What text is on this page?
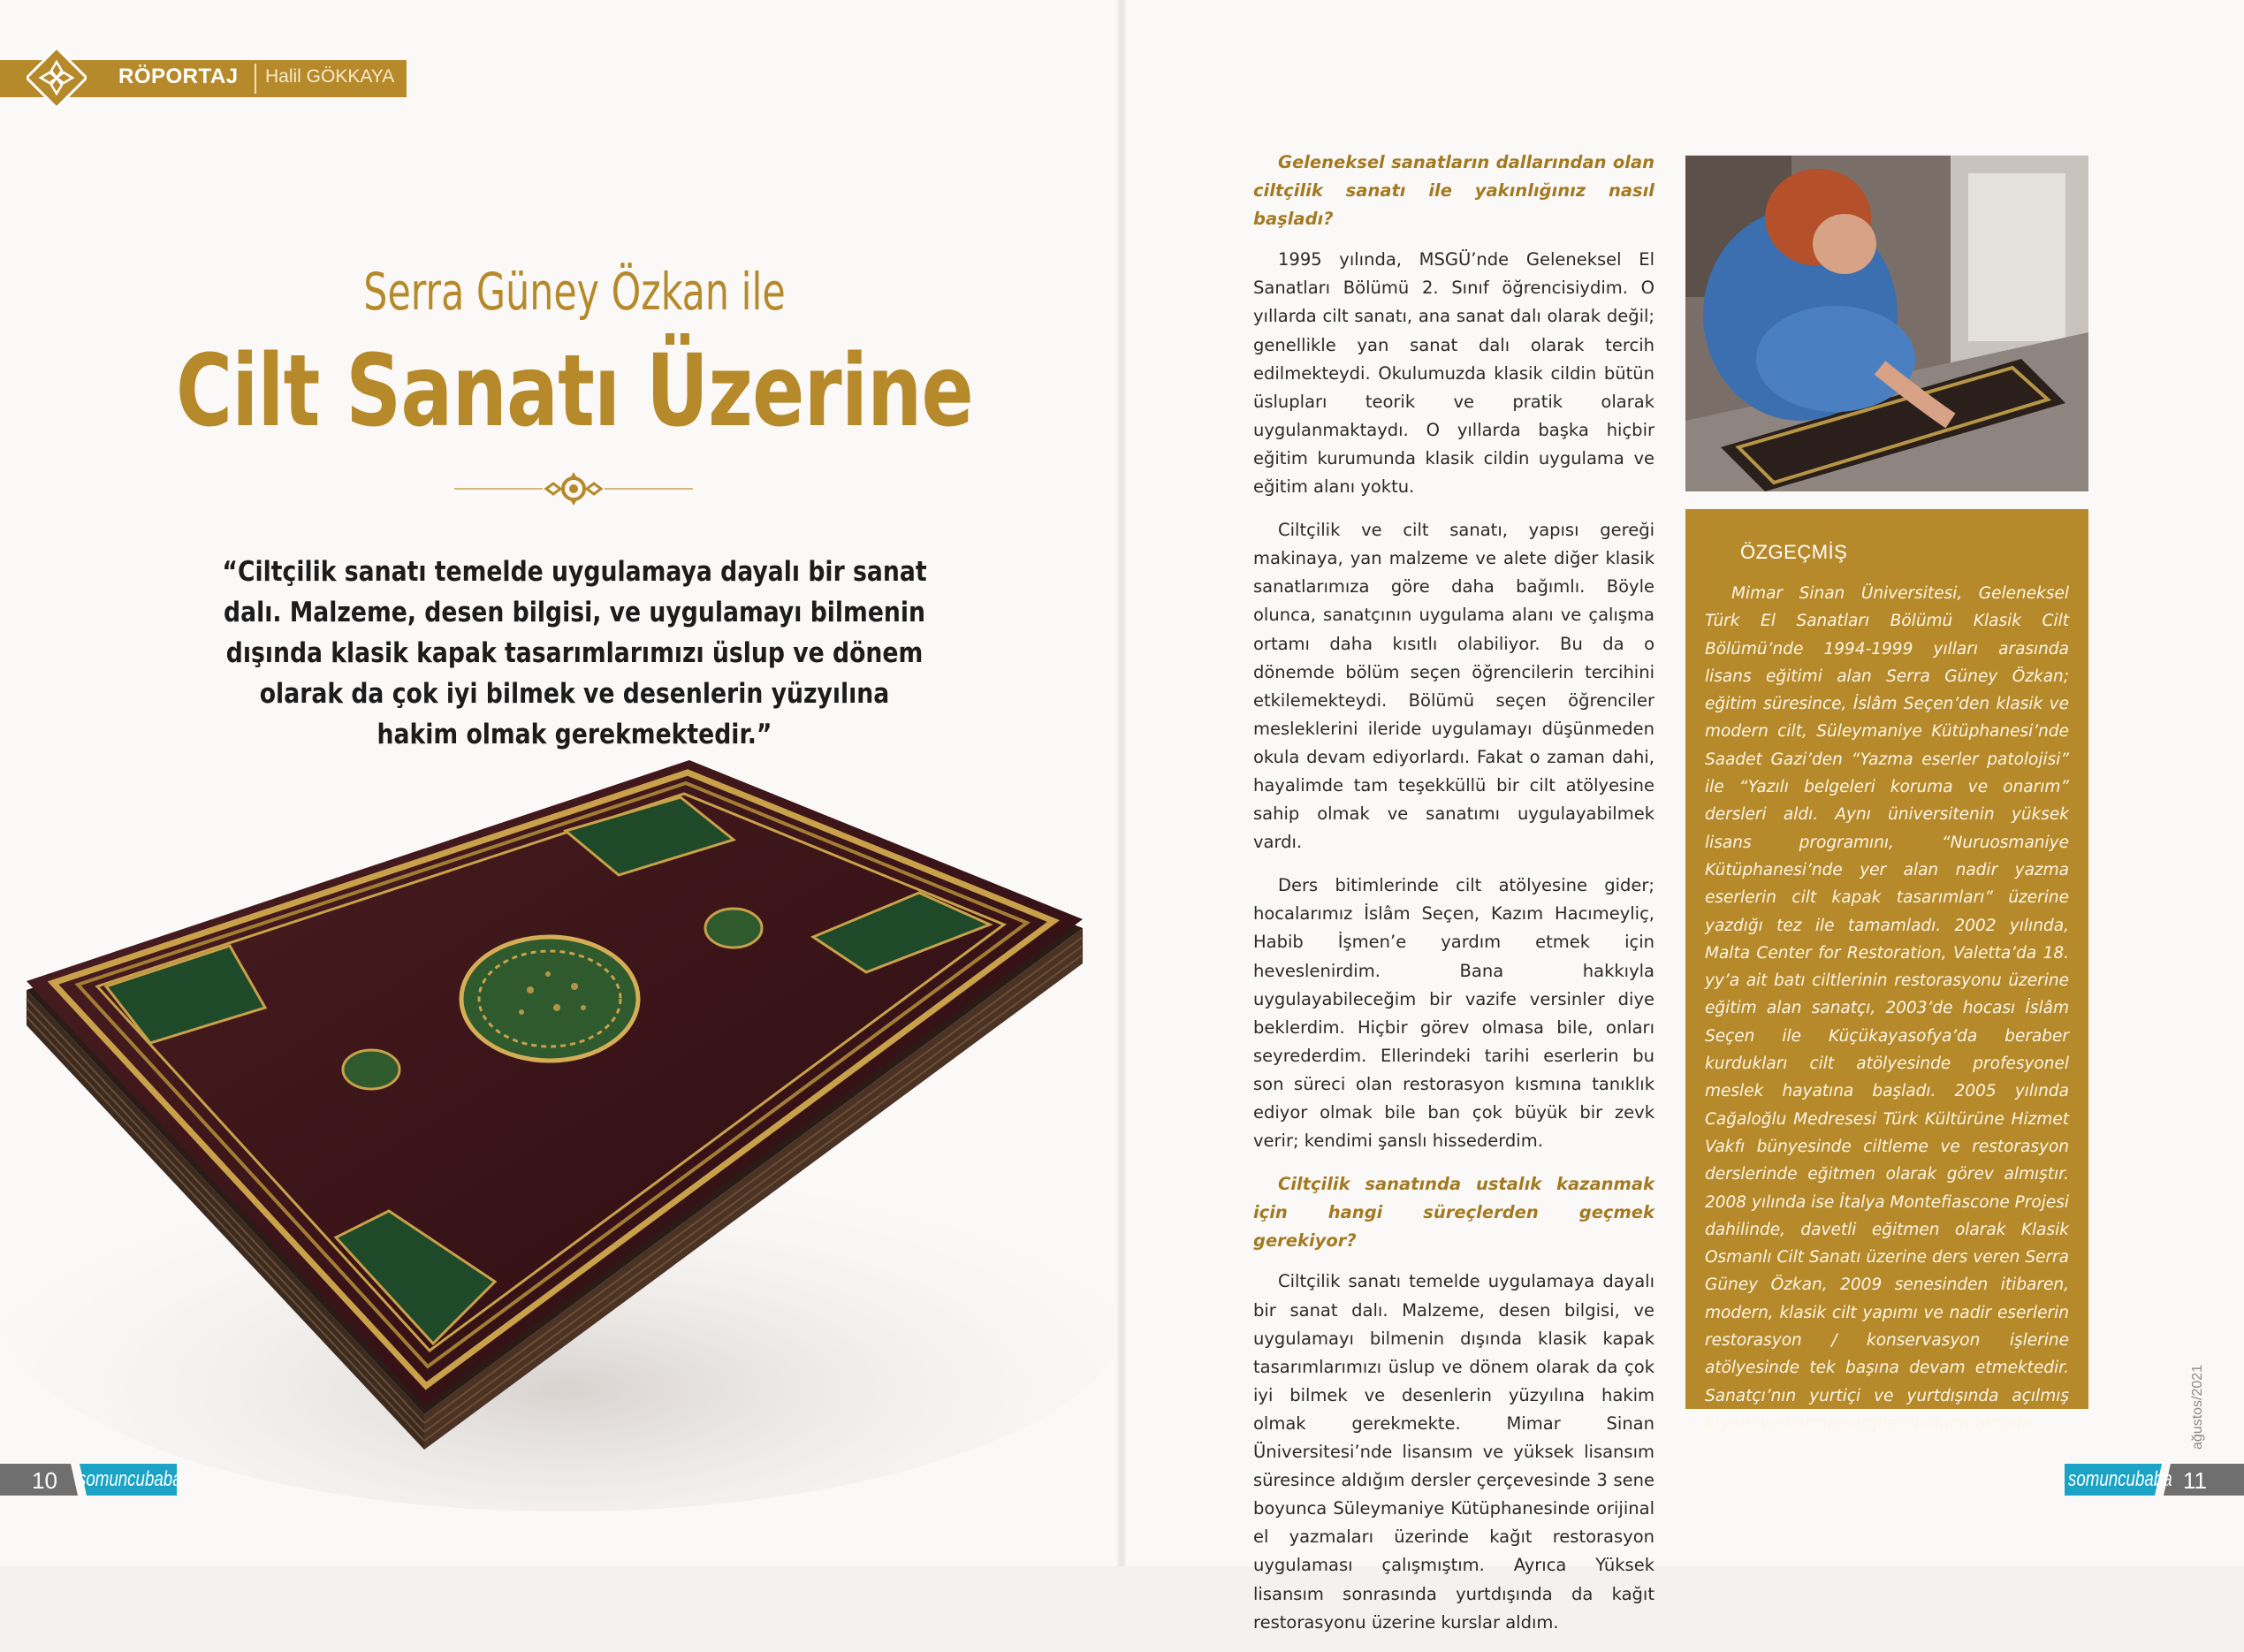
RÖPORTAJ Halil GÖKKAYA
Serra Güney Özkan ile
Cilt Sanatı Üzerine
“Ciltçilik sanatı temelde uygulamaya dayalı bir sanat dalı. Malzeme, desen bilgisi, ve uygulamayı bilmenin dışında klasik kapak tasarımlarımızı üslup ve dönem olarak da çok iyi bilmek ve desenlerin yüzyılına hakim olmak gerekmektedir.”
10 somuncubaba

Geleneksel sanatların dallarından olan ciltçilik sanatı ile yakınlığınız nasıl başladı?

1995 yılında, MSGÜ’nde Geleneksel El Sanatları Bölümü 2. Sınıf öğrencisiydim. O yıllarda cilt sanatı, ana sanat dalı olarak değil; genellikle yan sanat dalı olarak tercih edilmekteydi. Okulumuzda klasik cildin bütün üslupları teorik ve pratik olarak uygulanmaktaydı. O yıllarda başka hiçbir eğitim kurumunda klasik cildin uygulama ve eğitim alanı yoktu.

Ciltçilik ve cilt sanatı, yapısı gereği makinaya, yan malzeme ve alete diğer klasik sanatlarımıza göre daha bağımlı. Böyle olunca, sanatçının uygulama alanı ve çalışma ortamı daha kısıtlı olabiliyor. Bu da o dönemde bölüm seçen öğrencilerin tercihini etkilemekteydi. Bölümü seçen öğrenciler mesleklerini ileride uygulamayı düşünmeden okula devam ediyorlardı. Fakat o zaman dahi, hayalimde tam teşekküllü bir cilt atölyesine sahip olmak ve sanatımı uygulayabilmek vardı.

Ders bitimlerinde cilt atölyesine gider; hocalarımız İslâm Seçen, Kazım Hacımeyliç, Habib İşmen’e yardım etmek için heveslenirdim. Bana hakkıyla uygulayabileceğim bir vazife versinler diye beklerdim. Hiçbir görev olmasa bile, onları seyrederdim. Ellerindeki tarihi eserlerin bu son süreci olan restorasyon kısmına tanıklık ediyor olmak bile ban çok büyük bir zevk verir; kendimi şanslı hissederdim.

Ciltçilik sanatında ustalık kazanmak için hangi süreçlerden geçmek gerekiyor?

Ciltçilik sanatı temelde uygulamaya dayalı bir sanat dalı. Malzeme, desen bilgisi, ve uygulamayı bilmenin dışında klasik kapak tasarımlarımızı üslup ve dönem olarak da çok iyi bilmek ve desenlerin yüzyılına hakim olmak gerekmekte. Mimar Sinan Üniversitesi’nde lisansım ve yüksek lisansım süresince aldığım dersler çerçevesinde 3 sene boyunca Süleymaniye Kütüphanesinde orijinal el yazmaları üzerinde kağıt restorasyon uygulaması çalışmıştım. Ayrıca Yüksek lisansım sonrasında yurtdışında da kağıt restorasyonu üzerine kurslar aldım.

ÖZGEÇMİŞ

Mimar Sinan Üniversitesi, Geleneksel Türk El Sanatları Bölümü Klasik Cilt Bölümü’nde 1994-1999 yılları arasında lisans eğitimi alan Serra Güney Özkan; eğitim süresince, İslâm Seçen’den klasik ve modern cilt, Süleymaniye Kütüphanesi’nde Saadet Gazi’den “Yazma eserler patolojisi” ile “Yazılı belgeleri koruma ve onarım” dersleri aldı. Aynı üniversitenin yüksek lisans programını, “Nuruosmaniye Kütüphanesi’nde yer alan nadir yazma eserlerin cilt kapak tasarımları” üzerine yazdığı tez ile tamamladı. 2002 yılında, Malta Center for Restoration, Valetta’da 18. yy’a ait batı ciltlerinin restorasyonu üzerine eğitim alan sanatçı, 2003’de hocası İslâm Seçen ile Küçükayasofya’da beraber kurdukları cilt atölyesinde profesyonel meslek hayatına başladı. 2005 yılında Cağaloğlu Medresesi Türk Kültürüne Hizmet Vakfı bünyesinde ciltleme ve restorasyon derslerinde eğitmen olarak görev almıştır. 2008 yılında ise İtalya Montefiascone Projesi dahilinde, davetli eğitmen olarak Klasik Osmanlı Cilt Sanatı üzerine ders veren Serra Güney Özkan, 2009 senesinden itibaren, modern, klasik cilt yapımı ve nadir eserlerin restorasyon / konservasyon işlerine atölyesinde tek başına devam etmektedir. Sanatçı’nın yurtiçi ve yurtdışında açılmış kişisel ve karma sergileri bulunmaktadır.	ağustos/2021
somuncubaba 11
